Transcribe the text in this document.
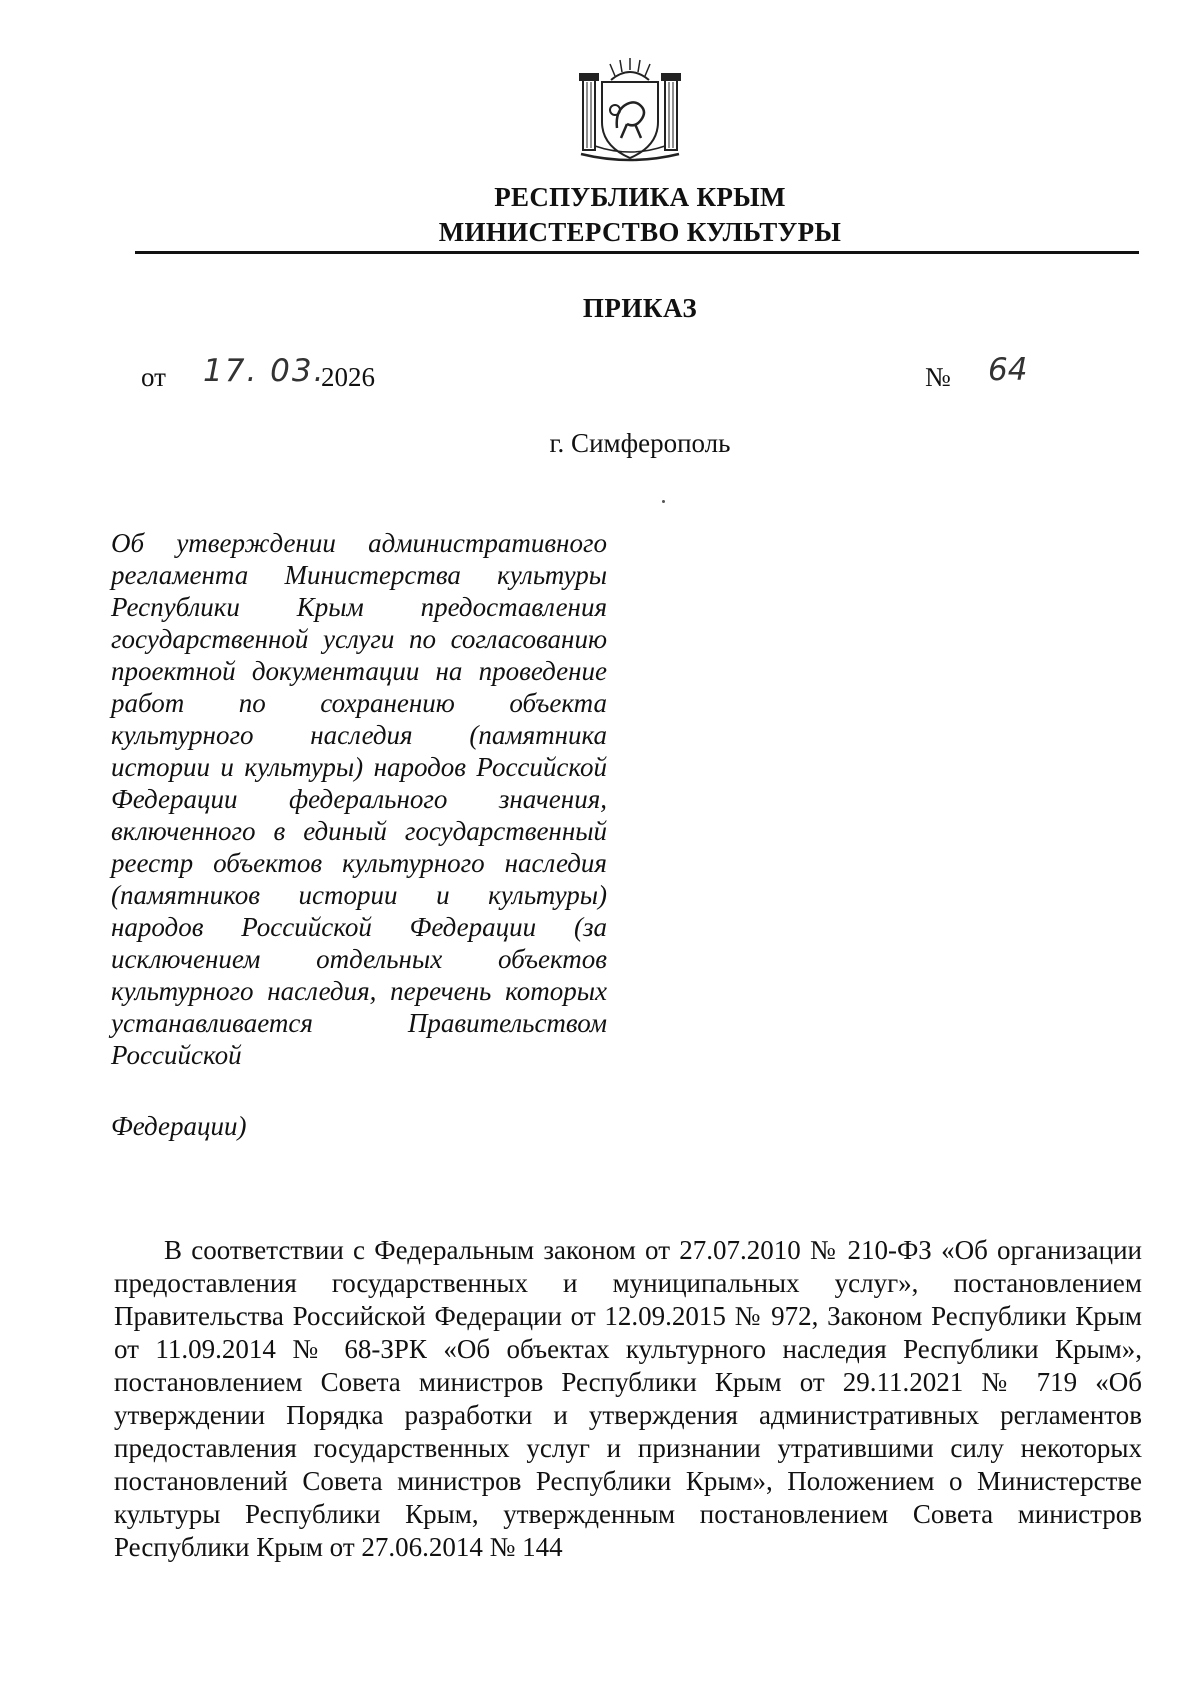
РЕСПУБЛИКА КРЫМ
МИНИСТЕРСТВО КУЛЬТУРЫ
ПРИКАЗ
от 17. 03.
2026	№ 64
г. Симферополь

Об утверждении административного регламента Министерства культуры Республики Крым предоставления государственной услуги по согласованию проектной документации на проведение работ по сохранению объекта культурного наследия (памятника истории и культуры) народов Российской Федерации федерального значения, включенного в единый государственный реестр объектов культурного наследия (памятников истории и культуры) народов Российской Федерации (за исключением отдельных объектов культурного наследия, перечень которых устанавливается Правительством Российской

Федерации)

В соответствии с Федеральным законом от 27.07.2010 № 210-ФЗ «Об организации предоставления государственных и муниципальных услуг», постановлением Правительства Российской Федерации от 12.09.2015 № 972, Законом Республики Крым от 11.09.2014 № 68-ЗРК «Об объектах культурного наследия Республики Крым», постановлением Совета министров Республики Крым от 29.11.2021 № 719 «Об утверждении Порядка разработки и утверждения административных регламентов предоставления государственных услуг и признании утратившими силу некоторых постановлений Совета министров Республики Крым», Положением о Министерстве культуры Республики Крым, утвержденным постановлением Совета министров Республики Крым от 27.06.2014 № 144
